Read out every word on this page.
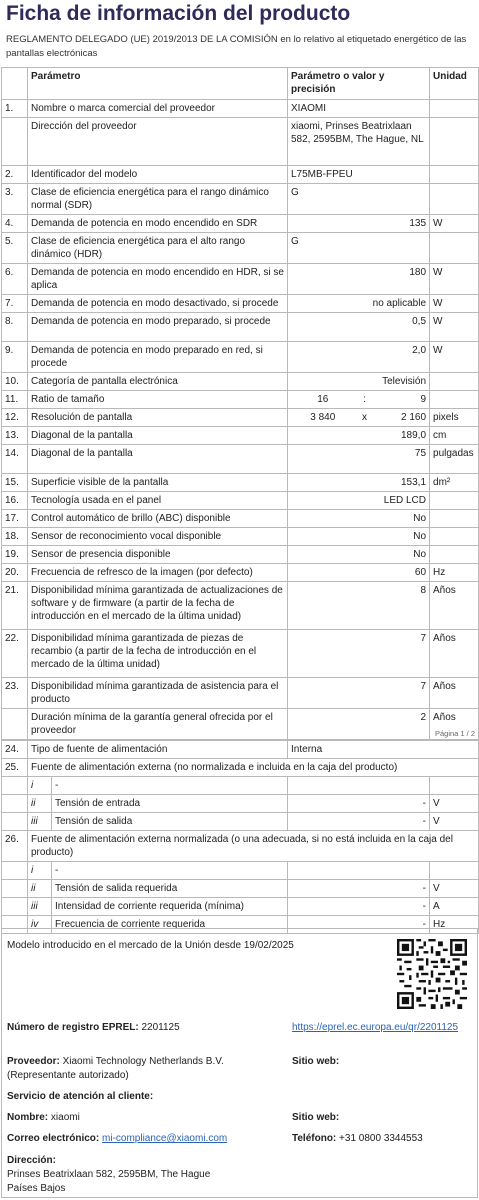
Ficha de información del producto
REGLAMENTO DELEGADO (UE) 2019/2013 DE LA COMISIÓN en lo relativo al etiquetado energético de las pantallas electrónicas
	Parámetro	Parámetro o valor y precisión			Unidad
1.	Nombre o marca comercial del proveedor	XIAOMI			
	Dirección del proveedor	xiaomi, Prinses Beatrixlaan 582, 2595BM, The Hague, NL			
2.	Identificador del modelo	L75MB-FPEU			
3.	Clase de eficiencia energética para el rango dinámico normal (SDR)	G			
4.	Demanda de potencia en modo encendido en SDR	135			W
5.	Clase de eficiencia energética para el alto rango dinámico (HDR)	G			
6.	Demanda de potencia en modo encendido en HDR, si se aplica	180			W
7.	Demanda de potencia en modo desactivado, si procede	no aplicable			W
8.	Demanda de potencia en modo preparado, si procede	0,5			W
9.	Demanda de potencia en modo preparado en red, si procede	2,0			W
10.	Categoría de pantalla electrónica	Televisión			
11.	Ratio de tamaño	16	:	9	
12.	Resolución de pantalla	3 840	x	2 160	pixels
13.	Diagonal de la pantalla	189,0			cm
14.	Diagonal de la pantalla	75			pulgadas
15.	Superficie visible de la pantalla	153,1			dm²
16.	Tecnología usada en el panel	LED LCD			
17.	Control automático de brillo (ABC) disponible	No			
18.	Sensor de reconocimiento vocal disponible	No			
19.	Sensor de presencia disponible	No			
20.	Frecuencia de refresco de la imagen (por defecto)	60			Hz
21.	Disponibilidad mínima garantizada de actualizaciones de software y de firmware (a partir de la fecha de introducción en el mercado de la última unidad)	8			Años
22.	Disponibilidad mínima garantizada de piezas de recambio (a partir de la fecha de introducción en el mercado de la última unidad)	7			Años
23.	Disponibilidad mínima garantizada de asistencia para el producto	7			Años
	Duración mínima de la garantía general ofrecida por el proveedor	2			Años
Página 1 / 2
24.	Tipo de fuente de alimentación		Interna	
25.	Fuente de alimentación externa (no normalizada e incluida en la caja del producto)			
	i	-		
	ii	Tensión de entrada	-	V
	iii	Tensión de salida	-	V
26.	Fuente de alimentación externa normalizada (o una adecuada, si no está incluida en la caja del producto)			
	i	-		
	ii	Tensión de salida requerida	-	V
	iii	Intensidad de corriente requerida (mínima)	-	A
	iv	Frecuencia de corriente requerida	-	Hz
Modelo introducido en el mercado de la Unión desde 19/02/2025
Número de registro EPREL: 2201125	https://eprel.ec.europa.eu/qr/2201125
Proveedor: Xiaomi Technology Netherlands B.V. (Representante autorizado)
Sitio web:
Servicio de atención al cliente:
Nombre: xiaomi	Sitio web:
Correo electrónico: mi-compliance@xiaomi.com	Teléfono: +31 0800 3344553
Dirección:
Prinses Beatrixlaan 582, 2595BM, The Hague
Países Bajos
